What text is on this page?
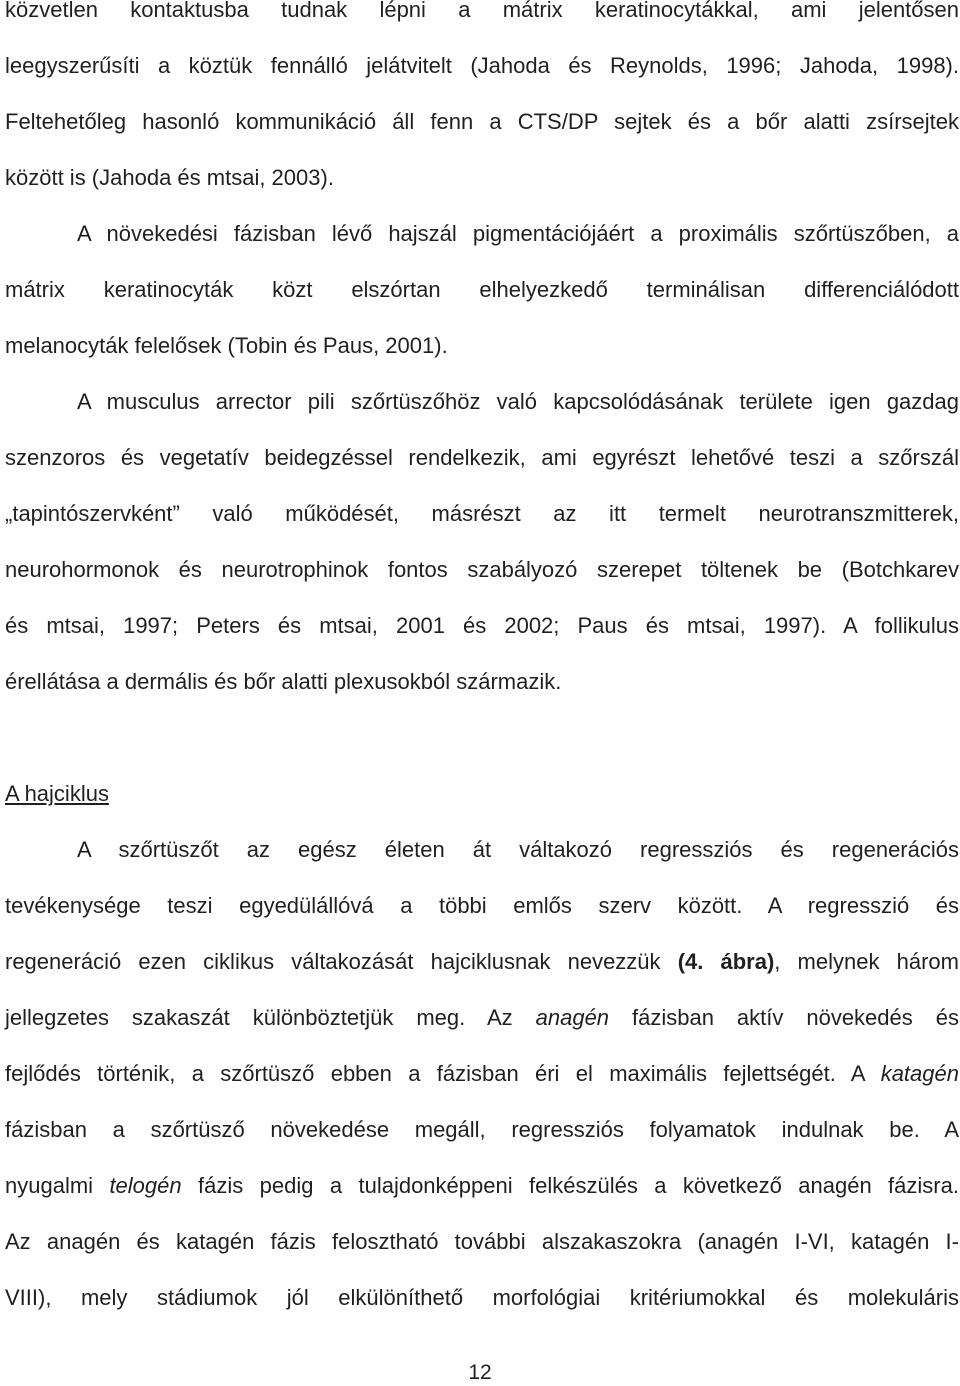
közvetlen kontaktusba tudnak lépni a mátrix keratinocytákkal, ami jelentősen
leegyszerűsíti a köztük fennálló jelátvitelt (Jahoda és Reynolds, 1996; Jahoda, 1998).
Feltehetőleg hasonló kommunikáció áll fenn a CTS/DP sejtek és a bőr alatti zsírsejtek
között is (Jahoda és mtsai, 2003).
A növekedési fázisban lévő hajszál pigmentációjáért a proximális szőrtüszőben, a
mátrix keratinocyták közt elszórtan elhelyezkedő terminálisan differenciálódott
melanocyták felelősek (Tobin és Paus, 2001).
A musculus arrector pili szőrtüszőhöz való kapcsolódásának területe igen gazdag
szenzoros és vegetatív beidegzéssel rendelkezik, ami egyrészt lehetővé teszi a szőrszál
„tapintószervként” való működését, másrészt az itt termelt neurotranszmitterek,
neurohormonok és neurotrophinok fontos szabályozó szerepet töltenek be (Botchkarev
és mtsai, 1997; Peters és mtsai, 2001 és 2002; Paus és mtsai, 1997). A follikulus
érellátása a dermális és bőr alatti plexusokból származik.
A hajciklus
A szőrtüszőt az egész életen át váltakozó regressziós és regenerációs
tevékenysége teszi egyedülállóvá a többi emlős szerv között. A regresszió és
regeneráció ezen ciklikus váltakozását hajciklusnak nevezzük (4. ábra), melynek három
jellegzetes szakaszát különböztetjük meg. Az anagén fázisban aktív növekedés és
fejlődés történik, a szőrtüsző ebben a fázisban éri el maximális fejlettségét. A katagén
fázisban a szőrtüsző növekedése megáll, regressziós folyamatok indulnak be. A
nyugalmi telogén fázis pedig a tulajdonképpeni felkészülés a következő anagén fázisra.
Az anagén és katagén fázis felosztható további alszakaszokra (anagén I-VI, katagén I-
VIII), mely stádiumok jól elkülöníthető morfológiai kritériumokkal és molekuláris
12
